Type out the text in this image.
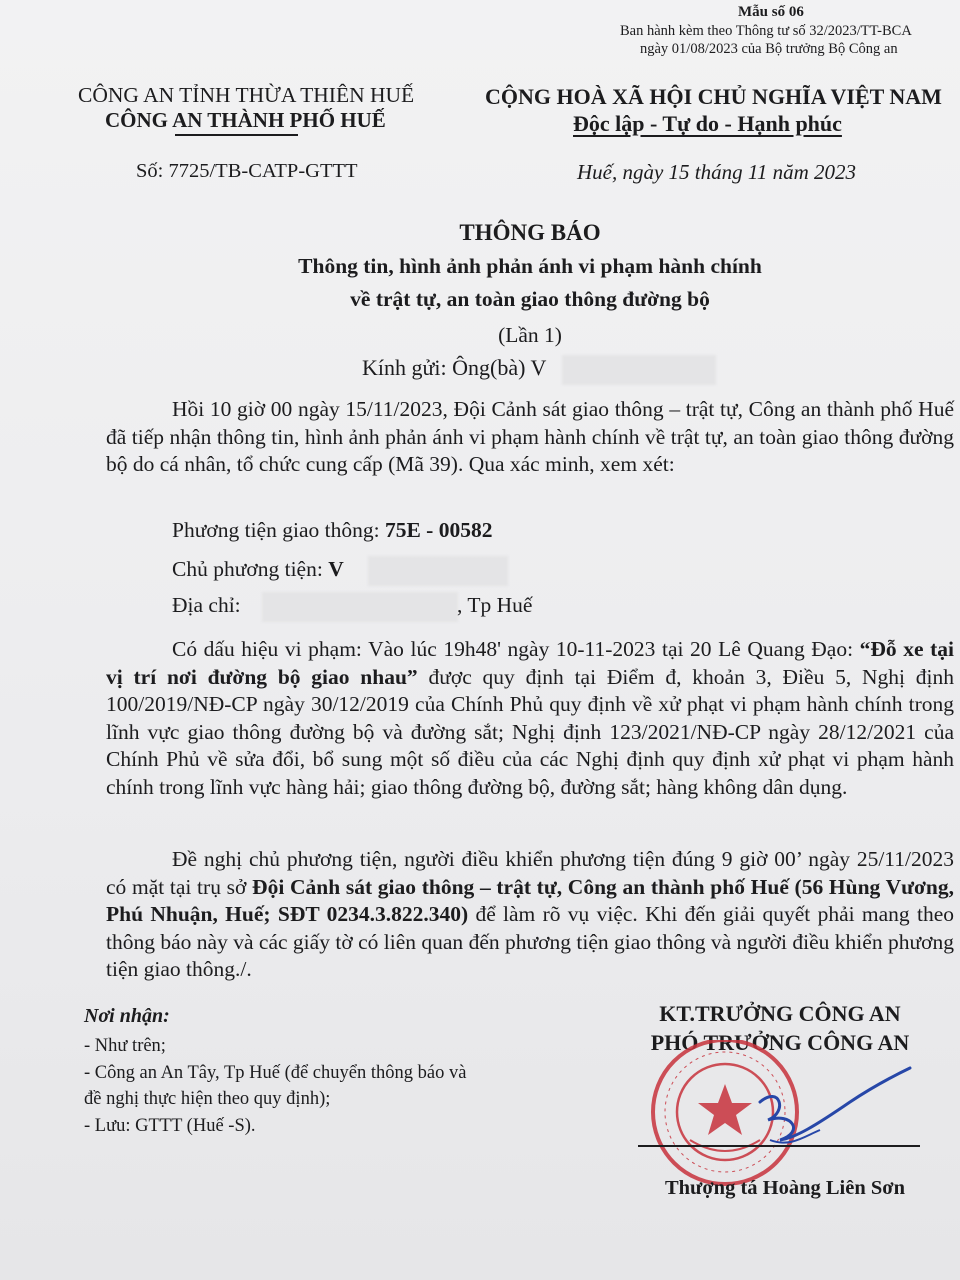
Mẫu số 06
Ban hành kèm theo Thông tư số 32/2023/TT-BCA
ngày 01/08/2023 của Bộ trưởng Bộ Công an
CÔNG AN TỈNH THỪA THIÊN HUẾ
CÔNG AN THÀNH PHỐ HUẾ
Số: 7725/TB-CATP-GTTT
CỘNG HOÀ XÃ HỘI CHỦ NGHĨA VIỆT NAM
Độc lập - Tự do - Hạnh phúc
Huế, ngày 15 tháng 11 năm 2023
THÔNG BÁO
Thông tin, hình ảnh phản ánh vi phạm hành chính
về trật tự, an toàn giao thông đường bộ
(Lần 1)
Kính gửi: Ông(bà) V
Hồi 10 giờ 00 ngày 15/11/2023, Đội Cảnh sát giao thông – trật tự, Công an thành phố Huế đã tiếp nhận thông tin, hình ảnh phản ánh vi phạm hành chính về trật tự, an toàn giao thông đường bộ do cá nhân, tổ chức cung cấp (Mã 39). Qua xác minh, xem xét:
Phương tiện giao thông: 75E - 00582
Chủ phương tiện: V
Địa chỉ:	, Tp Huế
Có dấu hiệu vi phạm: Vào lúc 19h48' ngày 10-11-2023 tại 20 Lê Quang Đạo: “Đỗ xe tại vị trí nơi đường bộ giao nhau” được quy định tại Điểm đ, khoản 3, Điều 5, Nghị định 100/2019/NĐ-CP ngày 30/12/2019 của Chính Phủ quy định về xử phạt vi phạm hành chính trong lĩnh vực giao thông đường bộ và đường sắt; Nghị định 123/2021/NĐ-CP ngày 28/12/2021 của Chính Phủ về sửa đổi, bổ sung một số điều của các Nghị định quy định xử phạt vi phạm hành chính trong lĩnh vực hàng hải; giao thông đường bộ, đường sắt; hàng không dân dụng.
Đề nghị chủ phương tiện, người điều khiển phương tiện đúng 9 giờ 00’ ngày 25/11/2023 có mặt tại trụ sở Đội Cảnh sát giao thông – trật tự, Công an thành phố Huế (56 Hùng Vương, Phú Nhuận, Huế; SĐT 0234.3.822.340) để làm rõ vụ việc. Khi đến giải quyết phải mang theo thông báo này và các giấy tờ có liên quan đến phương tiện giao thông và người điều khiển phương tiện giao thông./.
Nơi nhận:
- Như trên;
- Công an An Tây, Tp Huế (để chuyển thông báo và
đề nghị thực hiện theo quy định);
- Lưu: GTTT (Huế -S).
KT.TRƯỞNG CÔNG AN
PHÓ TRƯỞNG CÔNG AN
Thượng tá Hoàng Liên Sơn
